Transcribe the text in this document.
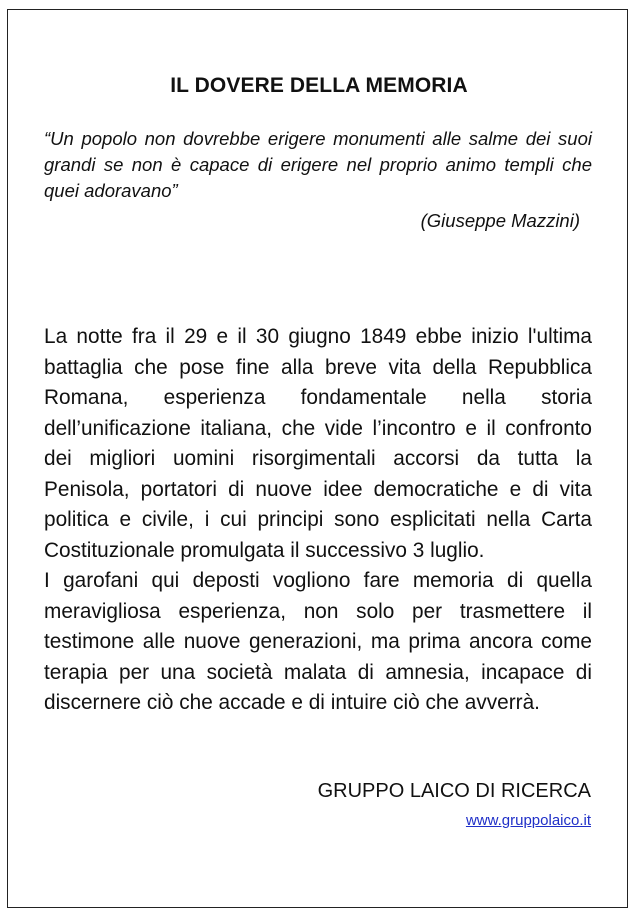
IL DOVERE DELLA MEMORIA
“Un popolo non dovrebbe erigere monumenti alle salme dei suoi grandi se non è capace di erigere nel proprio animo templi che quei adoravano”
(Giuseppe Mazzini)

La notte fra il 29 e il 30 giugno 1849 ebbe inizio l'ultima battaglia che pose fine alla breve vita della Repubblica Romana, esperienza fondamentale nella storia dell’unificazione italiana, che vide l’incontro e il confronto dei migliori uomini risorgimentali accorsi da tutta la Penisola, portatori di nuove idee democratiche e di vita politica e civile, i cui principi sono esplicitati nella Carta Costituzionale promulgata il successivo 3 luglio.

I garofani qui deposti vogliono fare memoria di quella meravigliosa esperienza, non solo per trasmettere il testimone alle nuove generazioni, ma prima ancora come terapia per una società malata di amnesia, incapace di discernere ciò che accade e di intuire ciò che avverrà.

GRUPPO LAICO DI RICERCA
www.gruppolaico.it
